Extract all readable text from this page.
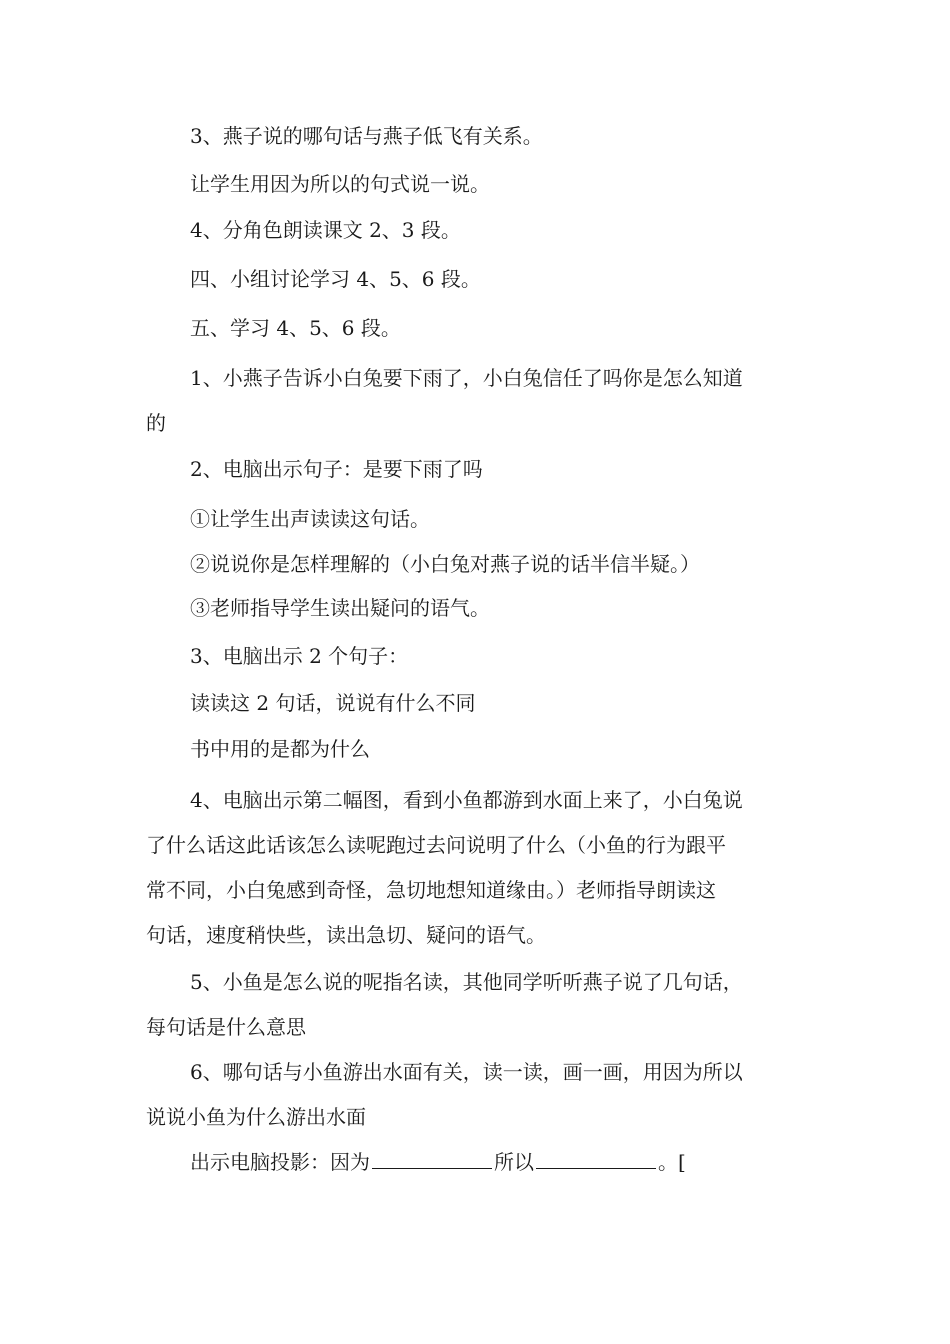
3、燕子说的哪句话与燕子低飞有关系。
让学生用因为所以的句式说一说。
4、分角色朗读课文 2、3 段。
四、小组讨论学习 4、5、6 段。
五、学习 4、5、6 段。
1、小燕子告诉小白兔要下雨了，小白兔信任了吗你是怎么知道
的
2、电脑出示句子：是要下雨了吗
①让学生出声读读这句话。
②说说你是怎样理解的（小白兔对燕子说的话半信半疑。）
③老师指导学生读出疑问的语气。
3、电脑出示 2 个句子：
读读这 2 句话，说说有什么不同
书中用的是都为什么
4、电脑出示第二幅图，看到小鱼都游到水面上来了，小白兔说
了什么话这此话该怎么读呢跑过去问说明了什么（小鱼的行为跟平
常不同，小白兔感到奇怪，急切地想知道缘由。）老师指导朗读这
句话，速度稍快些，读出急切、疑问的语气。
5、小鱼是怎么说的呢指名读，其他同学听听燕子说了几句话，
每句话是什么意思
6、哪句话与小鱼游出水面有关，读一读，画一画，用因为所以
说说小鱼为什么游出水面
出示电脑投影：因为	所以	。[
